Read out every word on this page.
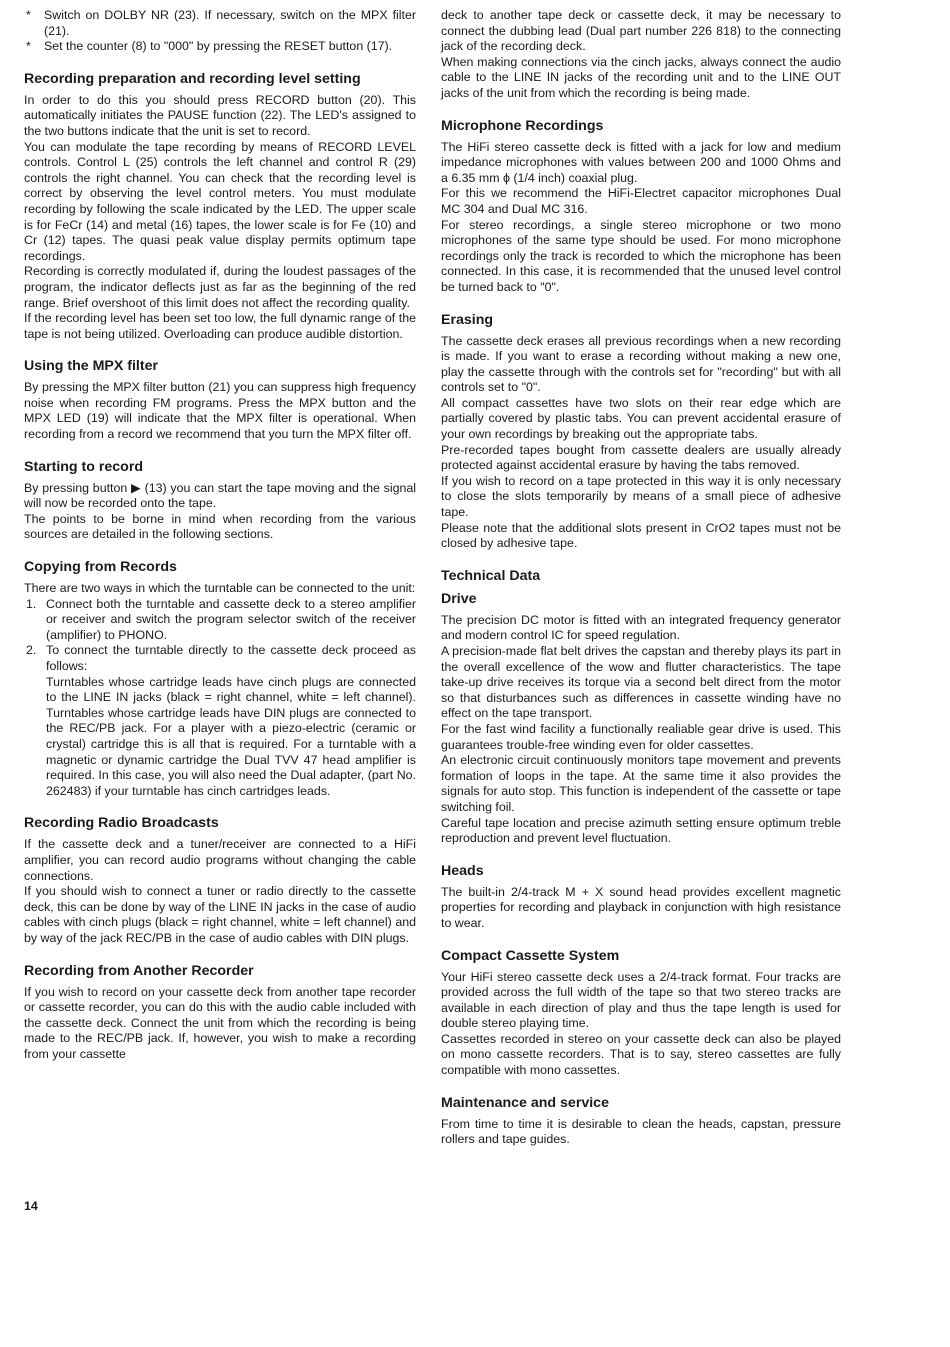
* Switch on DOLBY NR (23). If necessary, switch on the MPX filter (21).

* Set the counter (8) to "000" by pressing the RESET button (17).

Recording preparation and recording level setting

In order to do this you should press RECORD button (20). This automatically initiates the PAUSE function (22). The LED's assigned to the two buttons indicate that the unit is set to record.

You can modulate the tape recording by means of RECORD LEVEL controls. Control L (25) controls the left channel and control R (29) controls the right channel. You can check that the recording level is correct by observing the level control meters. You must modulate recording by following the scale indicated by the LED. The upper scale is for FeCr (14) and metal (16) tapes, the lower scale is for Fe (10) and Cr (12) tapes. The quasi peak value display permits optimum tape recordings.

Recording is correctly modulated if, during the loudest passages of the program, the indicator deflects just as far as the beginning of the red range. Brief overshoot of this limit does not affect the recording quality.

If the recording level has been set too low, the full dynamic range of the tape is not being utilized. Overloading can produce audible distortion.

Using the MPX filter

By pressing the MPX filter button (21) you can suppress high frequency noise when recording FM programs. Press the MPX button and the MPX LED (19) will indicate that the MPX filter is operational. When recording from a record we recommend that you turn the MPX filter off.

Starting to record

By pressing button ▶ (13) you can start the tape moving and the signal will now be recorded onto the tape.

The points to be borne in mind when recording from the various sources are detailed in the following sections.

Copying from Records

There are two ways in which the turntable can be connected to the unit:

1. Connect both the turntable and cassette deck to a stereo amplifier or receiver and switch the program selector switch of the receiver (amplifier) to PHONO.
2. To connect the turntable directly to the cassette deck proceed as follows:
Turntables whose cartridge leads have cinch plugs are connected to the LINE IN jacks (black = right channel, white = left channel). Turntables whose cartridge leads have DIN plugs are connected to the REC/PB jack. For a player with a piezo-electric (ceramic or crystal) cartridge this is all that is required. For a turntable with a magnetic or dynamic cartridge the Dual TVV 47 head amplifier is required. In this case, you will also need the Dual adapter, (part No. 262483) if your turntable has cinch cartridges leads.
Recording Radio Broadcasts

If the cassette deck and a tuner/receiver are connected to a HiFi amplifier, you can record audio programs without changing the cable connections.

If you should wish to connect a tuner or radio directly to the cassette deck, this can be done by way of the LINE IN jacks in the case of audio cables with cinch plugs (black = right channel, white = left channel) and by way of the jack REC/PB in the case of audio cables with DIN plugs.

Recording from Another Recorder

If you wish to record on your cassette deck from another tape recorder or cassette recorder, you can do this with the audio cable included with the cassette deck. Connect the unit from which the recording is being made to the REC/PB jack. If, however, you wish to make a recording from your cassette

14

deck to another tape deck or cassette deck, it may be necessary to connect the dubbing lead (Dual part number 226 818) to the connecting jack of the recording deck.

When making connections via the cinch jacks, always connect the audio cable to the LINE IN jacks of the recording unit and to the LINE OUT jacks of the unit from which the recording is being made.

Microphone Recordings

The HiFi stereo cassette deck is fitted with a jack for low and medium impedance microphones with values between 200 and 1000 Ohms and a 6.35 mm ϕ (1/4 inch) coaxial plug.

For this we recommend the HiFi-Electret capacitor microphones Dual MC 304 and Dual MC 316.

For stereo recordings, a single stereo microphone or two mono microphones of the same type should be used. For mono microphone recordings only the track is recorded to which the microphone has been connected. In this case, it is recommended that the unused level control be turned back to "0".

Erasing

The cassette deck erases all previous recordings when a new recording is made. If you want to erase a recording without making a new one, play the cassette through with the controls set for "recording" but with all controls set to "0".

All compact cassettes have two slots on their rear edge which are partially covered by plastic tabs. You can prevent accidental erasure of your own recordings by breaking out the appropriate tabs.

Pre-recorded tapes bought from cassette dealers are usually already protected against accidental erasure by having the tabs removed.

If you wish to record on a tape protected in this way it is only necessary to close the slots temporarily by means of a small piece of adhesive tape.

Please note that the additional slots present in CrO2 tapes must not be closed by adhesive tape.

Technical Data
Drive

The precision DC motor is fitted with an integrated frequency generator and modern control IC for speed regulation.

A precision-made flat belt drives the capstan and thereby plays its part in the overall excellence of the wow and flutter characteristics. The tape take-up drive receives its torque via a second belt direct from the motor so that disturbances such as differences in cassette winding have no effect on the tape transport.

For the fast wind facility a functionally realiable gear drive is used. This guarantees trouble-free winding even for older cassettes.

An electronic circuit continuously monitors tape movement and prevents formation of loops in the tape. At the same time it also provides the signals for auto stop. This function is independent of the cassette or tape switching foil.

Careful tape location and precise azimuth setting ensure optimum treble reproduction and prevent level fluctuation.

Heads

The built-in 2/4-track M + X sound head provides excellent magnetic properties for recording and playback in conjunction with high resistance to wear.

Compact Cassette System

Your HiFi stereo cassette deck uses a 2/4-track format. Four tracks are provided across the full width of the tape so that two stereo tracks are available in each direction of play and thus the tape length is used for double stereo playing time.

Cassettes recorded in stereo on your cassette deck can also be played on mono cassette recorders. That is to say, stereo cassettes are fully compatible with mono cassettes.

Maintenance and service

From time to time it is desirable to clean the heads, capstan, pressure rollers and tape guides.
